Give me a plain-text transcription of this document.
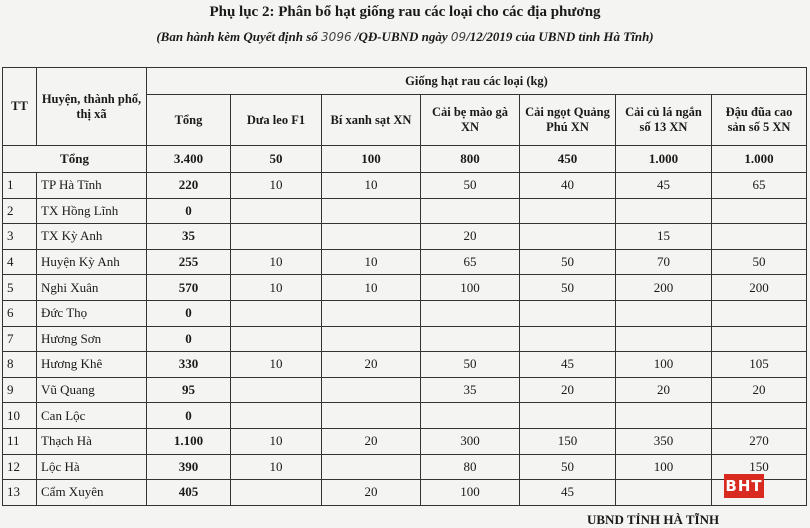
Phụ lục 2: Phân bổ hạt giống rau các loại cho các địa phương
(Ban hành kèm Quyết định số 3096 /QĐ-UBND ngày 09/12/2019 của UBND tỉnh Hà Tĩnh)
TT	Huyện, thành phố, thị xã	Giống hạt rau các loại (kg)						
		Tổng	Dưa leo F1	Bí xanh sạt XN	Cải bẹ mào gà XN	Cải ngọt Quảng Phú XN	Cải củ lá ngắn số 13 XN	Đậu đũa cao sản số 5 XN
Tổng		3.400	50	100	800	450	1.000	1.000
1	TP Hà Tĩnh	220	10	10	50	40	45	65
2	TX Hồng Lĩnh	0						
3	TX Kỳ Anh	35			20		15	
4	Huyện Kỳ Anh	255	10	10	65	50	70	50
5	Nghi Xuân	570	10	10	100	50	200	200
6	Đức Thọ	0						
7	Hương Sơn	0						
8	Hương Khê	330	10	20	50	45	100	105
9	Vũ Quang	95			35	20	20	20
10	Can Lộc	0						
11	Thạch Hà	1.100	10	20	300	150	350	270
12	Lộc Hà	390	10		80	50	100	150
13	Cẩm Xuyên	405		20	100	45			BHT
UBND TỈNH HÀ TĨNH
